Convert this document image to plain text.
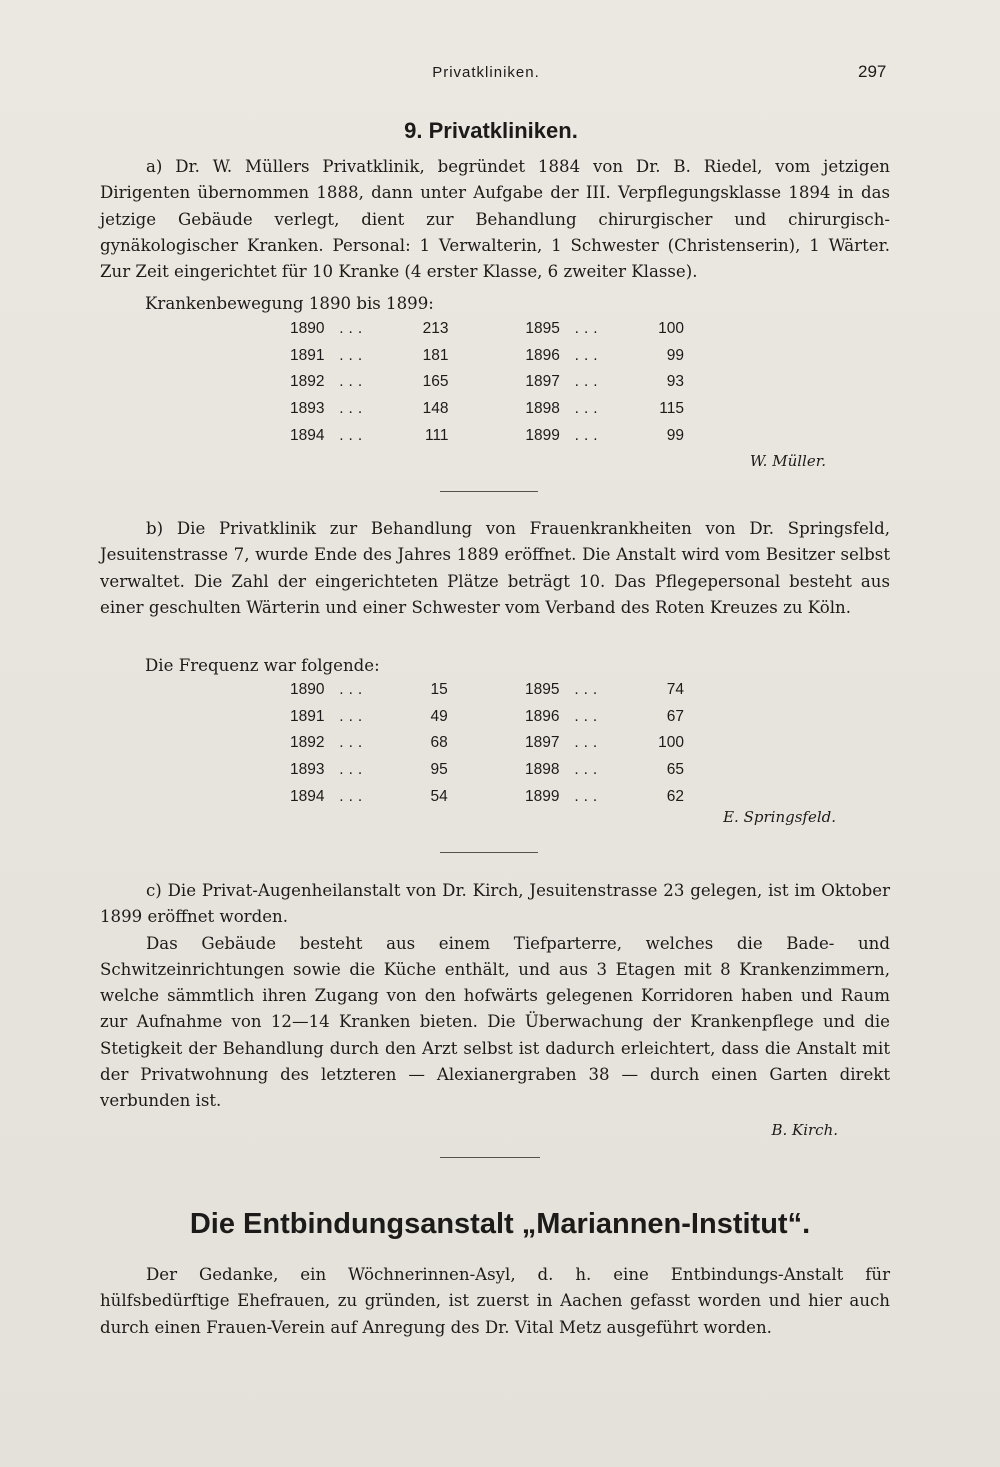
Privatkliniken.	297
9. Privatkliniken.

a) Dr. W. Müllers Privatklinik, begründet 1884 von Dr. B. Riedel, vom jetzigen Dirigenten übernommen 1888, dann unter Aufgabe der III. Verpflegungsklasse 1894 in das jetzige Gebäude verlegt, dient zur Behandlung chirurgischer und chirurgisch-gynäkologischer Kranken. Personal: 1 Verwalterin, 1 Schwester (Christenserin), 1 Wärter. Zur Zeit eingerichtet für 10 Kranke (4 erster Klasse, 6 zweiter Klasse).

Krankenbewegung 1890 bis 1899:
1890	...	213		1895	...	100
1891	...	181		1896	...	99
1892	...	165		1897	...	93
1893	...	148		1898	...	115
1894	...	111		1899	...	99
W. Müller.

b) Die Privatklinik zur Behandlung von Frauenkrankheiten von Dr. Springsfeld, Jesuitenstrasse 7, wurde Ende des Jahres 1889 eröffnet. Die Anstalt wird vom Besitzer selbst verwaltet. Die Zahl der eingerichteten Plätze beträgt 10. Das Pflegepersonal besteht aus einer geschulten Wärterin und einer Schwester vom Verband des Roten Kreuzes zu Köln.

Die Frequenz war folgende:
1890	...	15		1895	...	74
1891	...	49		1896	...	67
1892	...	68		1897	...	100
1893	...	95		1898	...	65
1894	...	54		1899	...	62
E. Springsfeld.

c) Die Privat-Augenheilanstalt von Dr. Kirch, Jesuitenstrasse 23 gelegen, ist im Oktober 1899 eröffnet worden.

Das Gebäude besteht aus einem Tiefparterre, welches die Bade- und Schwitzeinrichtungen sowie die Küche enthält, und aus 3 Etagen mit 8 Krankenzimmern, welche sämmtlich ihren Zugang von den hofwärts gelegenen Korridoren haben und Raum zur Aufnahme von 12—14 Kranken bieten. Die Überwachung der Krankenpflege und die Stetigkeit der Behandlung durch den Arzt selbst ist dadurch erleichtert, dass die Anstalt mit der Privatwohnung des letzteren — Alexianergraben 38 — durch einen Garten direkt verbunden ist.

B. Kirch.
Die Entbindungsanstalt „Mariannen-Institut“.

Der Gedanke, ein Wöchnerinnen-Asyl, d. h. eine Entbindungs-Anstalt für hülfsbedürftige Ehefrauen, zu gründen, ist zuerst in Aachen gefasst worden und hier auch durch einen Frauen-Verein auf Anregung des Dr. Vital Metz ausgeführt worden.
